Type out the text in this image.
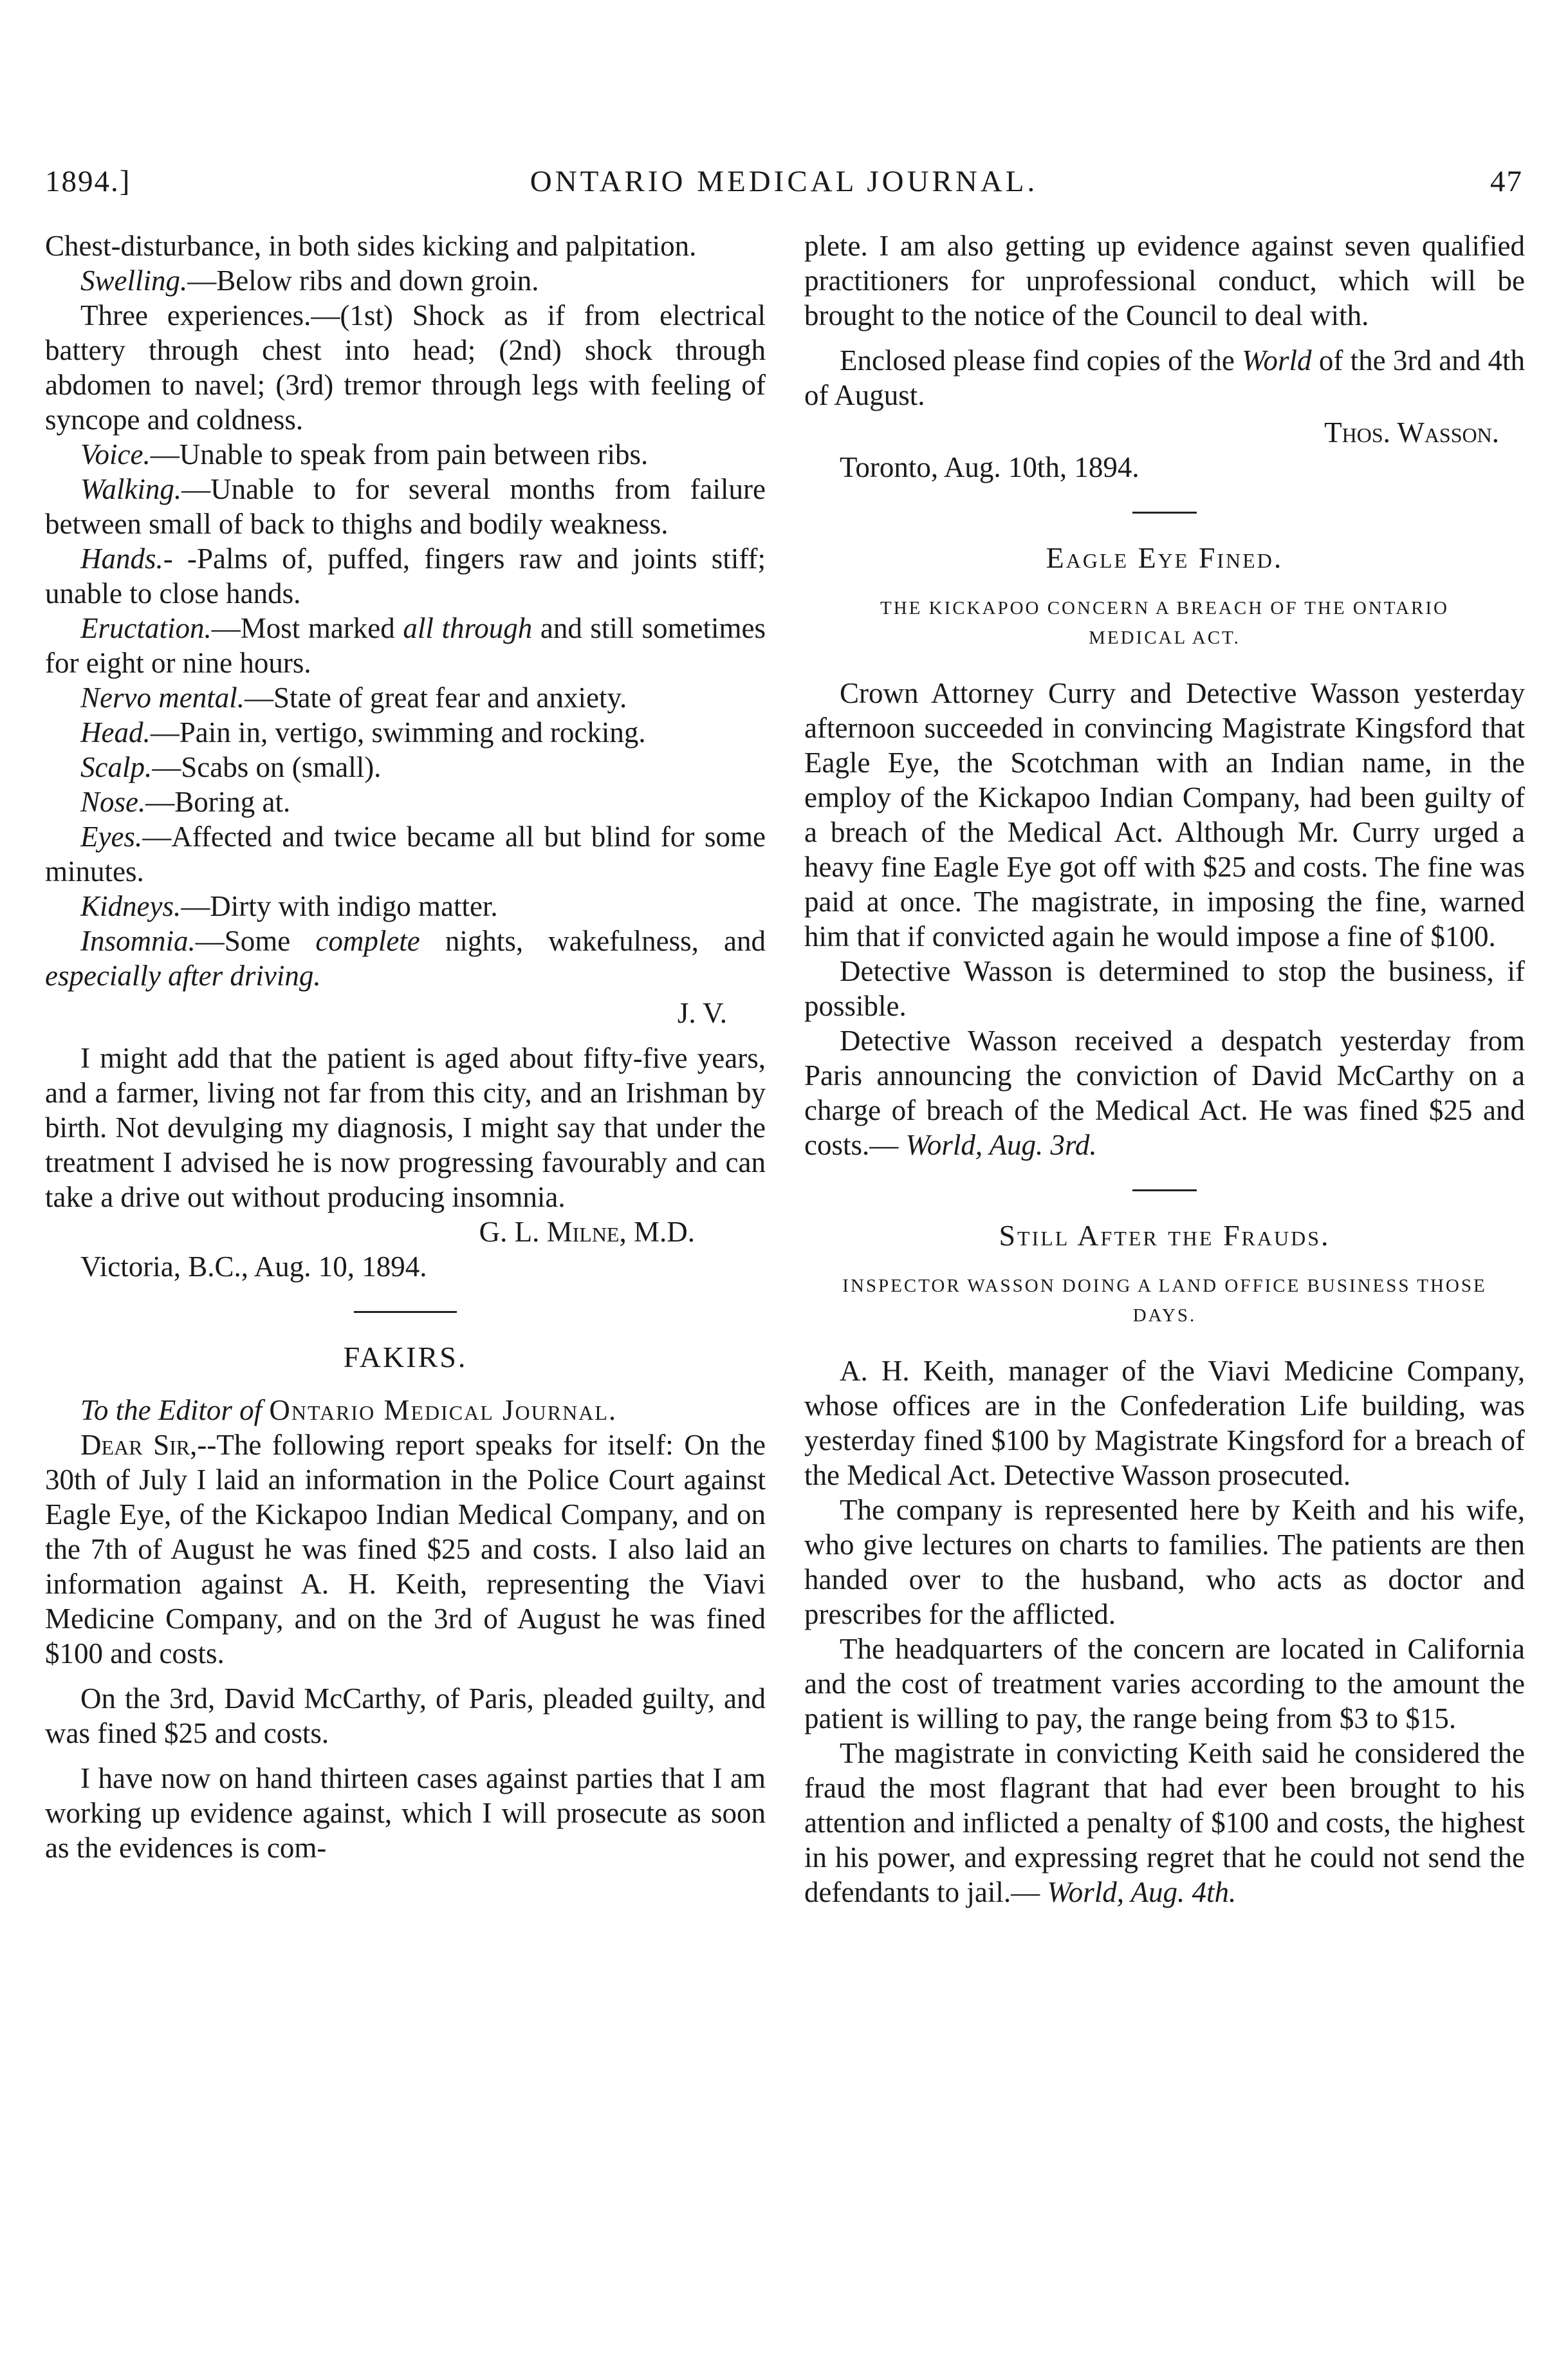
1894.]	ONTARIO MEDICAL JOURNAL.	47

Chest-disturbance, in both sides kicking and palpitation.

Swelling.—Below ribs and down groin.

Three experiences.—(1st) Shock as if from electrical battery through chest into head; (2nd) shock through abdomen to navel; (3rd) tremor through legs with feeling of syncope and coldness.

Voice.—Unable to speak from pain between ribs.

Walking.—Unable to for several months from failure between small of back to thighs and bodily weakness.

Hands.- -Palms of, puffed, fingers raw and joints stiff; unable to close hands.

Eructation.—Most marked all through and still sometimes for eight or nine hours.

Nervo mental.—State of great fear and anxiety.

Head.—Pain in, vertigo, swimming and rocking.

Scalp.—Scabs on (small).

Nose.—Boring at.

Eyes.—Affected and twice became all but blind for some minutes.

Kidneys.—Dirty with indigo matter.

Insomnia.—Some complete nights, wakefulness, and especially after driving.

J. V.

I might add that the patient is aged about fifty-five years, and a farmer, living not far from this city, and an Irishman by birth. Not devulging my diagnosis, I might say that under the treatment I advised he is now progressing favourably and can take a drive out without producing insomnia.

G. L. Milne, M.D.

Victoria, B.C., Aug. 10, 1894.

FAKIRS.

To the Editor of Ontario Medical Journal.

Dear Sir,--The following report speaks for itself: On the 30th of July I laid an information in the Police Court against Eagle Eye, of the Kickapoo Indian Medical Company, and on the 7th of August he was fined $25 and costs. I also laid an information against A. H. Keith, representing the Viavi Medicine Company, and on the 3rd of August he was fined $100 and costs.

On the 3rd, David McCarthy, of Paris, pleaded guilty, and was fined $25 and costs.

I have now on hand thirteen cases against parties that I am working up evidence against, which I will prosecute as soon as the evidences is com-

plete. I am also getting up evidence against seven qualified practitioners for unprofessional conduct, which will be brought to the notice of the Council to deal with.

Enclosed please find copies of the World of the 3rd and 4th of August.

Thos. Wasson.

Toronto, Aug. 10th, 1894.

Eagle Eye Fined.
THE KICKAPOO CONCERN A BREACH OF THE ONTARIO MEDICAL ACT.

Crown Attorney Curry and Detective Wasson yesterday afternoon succeeded in convincing Magistrate Kingsford that Eagle Eye, the Scotchman with an Indian name, in the employ of the Kickapoo Indian Company, had been guilty of a breach of the Medical Act. Although Mr. Curry urged a heavy fine Eagle Eye got off with $25 and costs. The fine was paid at once. The magistrate, in imposing the fine, warned him that if convicted again he would impose a fine of $100.

Detective Wasson is determined to stop the business, if possible.

Detective Wasson received a despatch yesterday from Paris announcing the conviction of David McCarthy on a charge of breach of the Medical Act. He was fined $25 and costs.— World, Aug. 3rd.

Still After the Frauds.
INSPECTOR WASSON DOING A LAND OFFICE BUSINESS THOSE DAYS.

A. H. Keith, manager of the Viavi Medicine Company, whose offices are in the Confederation Life building, was yesterday fined $100 by Magistrate Kingsford for a breach of the Medical Act. Detective Wasson prosecuted.

The company is represented here by Keith and his wife, who give lectures on charts to families. The patients are then handed over to the husband, who acts as doctor and prescribes for the afflicted.

The headquarters of the concern are located in California and the cost of treatment varies according to the amount the patient is willing to pay, the range being from $3 to $15.

The magistrate in convicting Keith said he considered the fraud the most flagrant that had ever been brought to his attention and inflicted a penalty of $100 and costs, the highest in his power, and expressing regret that he could not send the defendants to jail.— World, Aug. 4th.
